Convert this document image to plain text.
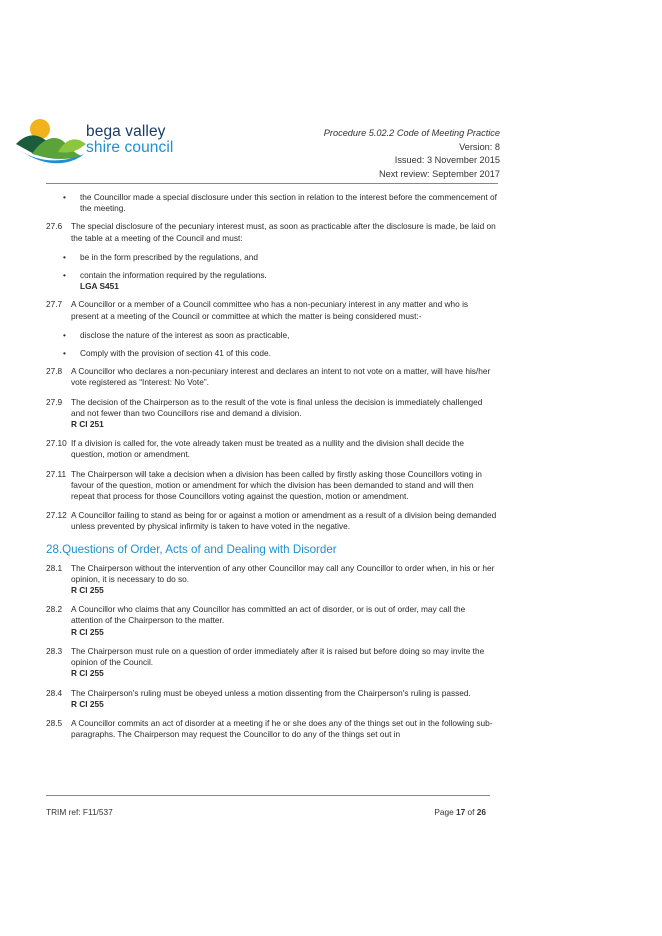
bega valley
shire council
Procedure 5.02.2 Code of Meeting Practice
Version: 8
Issued: 3 November 2015
Next review: September 2017
• the Councillor made a special disclosure under this section in relation to the interest before the commencement of the meeting.
27.6 The special disclosure of the pecuniary interest must, as soon as practicable after the disclosure is made, be laid on the table at a meeting of the Council and must:
• be in the form prescribed by the regulations, and
• contain the information required by the regulations.
LGA S451
27.7 A Councillor or a member of a Council committee who has a non-pecuniary interest in any matter and who is present at a meeting of the Council or committee at which the matter is being considered must:-
• disclose the nature of the interest as soon as practicable,
• Comply with the provision of section 41 of this code.
27.8 A Councillor who declares a non-pecuniary interest and declares an intent to not vote on a matter, will have his/her vote registered as “Interest: No Vote”.
27.9 The decision of the Chairperson as to the result of the vote is final unless the decision is immediately challenged and not fewer than two Councillors rise and demand a division.
R Cl 251
27.10 If a division is called for, the vote already taken must be treated as a nullity and the division shall decide the question, motion or amendment.
27.11 The Chairperson will take a decision when a division has been called by firstly asking those Councillors voting in favour of the question, motion or amendment for which the division has been demanded to stand and will then repeat that process for those Councillors voting against the question, motion or amendment.
27.12 A Councillor failing to stand as being for or against a motion or amendment as a result of a division being demanded unless prevented by physical infirmity is taken to have voted in the negative.
28.Questions of Order, Acts of and Dealing with Disorder
28.1 The Chairperson without the intervention of any other Councillor may call any Councillor to order when, in his or her opinion, it is necessary to do so.
R Cl 255
28.2 A Councillor who claims that any Councillor has committed an act of disorder, or is out of order, may call the attention of the Chairperson to the matter.
R Cl 255
28.3 The Chairperson must rule on a question of order immediately after it is raised but before doing so may invite the opinion of the Council.
R Cl 255
28.4 The Chairperson's ruling must be obeyed unless a motion dissenting from the Chairperson's ruling is passed.
R Cl 255
28.5 A Councillor commits an act of disorder at a meeting if he or she does any of the things set out in the following sub-paragraphs. The Chairperson may request the Councillor to do any of the things set out in
TRIM ref: F11/537	Page 17 of 26
